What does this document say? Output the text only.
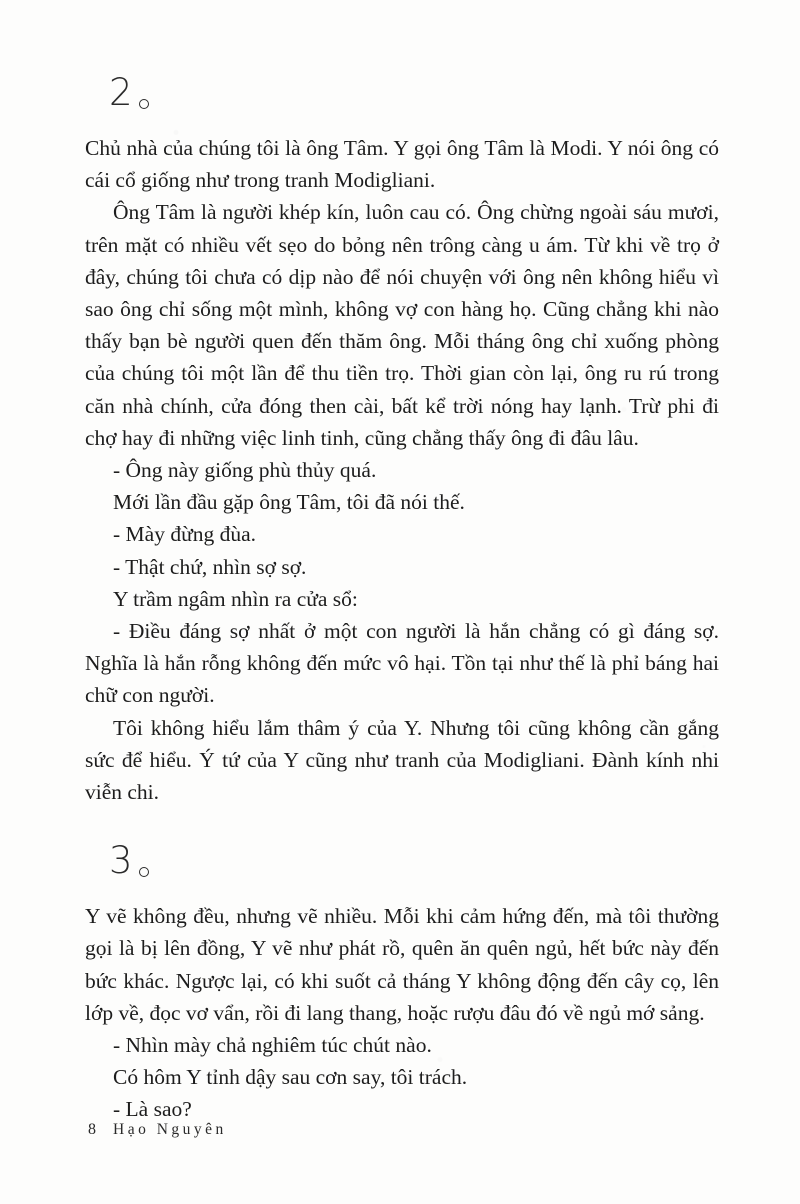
2

Chủ nhà của chúng tôi là ông Tâm. Y gọi ông Tâm là Modi. Y nói ông có cái cổ giống như trong tranh Modigliani.

Ông Tâm là người khép kín, luôn cau có. Ông chừng ngoài sáu mươi, trên mặt có nhiều vết sẹo do bỏng nên trông càng u ám. Từ khi về trọ ở đây, chúng tôi chưa có dịp nào để nói chuyện với ông nên không hiểu vì sao ông chỉ sống một mình, không vợ con hàng họ. Cũng chẳng khi nào thấy bạn bè người quen đến thăm ông. Mỗi tháng ông chỉ xuống phòng của chúng tôi một lần để thu tiền trọ. Thời gian còn lại, ông ru rú trong căn nhà chính, cửa đóng then cài, bất kể trời nóng hay lạnh. Trừ phi đi chợ hay đi những việc linh tinh, cũng chẳng thấy ông đi đâu lâu.

- Ông này giống phù thủy quá.

Mới lần đầu gặp ông Tâm, tôi đã nói thế.

- Mày đừng đùa.

- Thật chứ, nhìn sợ sợ.

Y trầm ngâm nhìn ra cửa sổ:

- Điều đáng sợ nhất ở một con người là hắn chẳng có gì đáng sợ. Nghĩa là hắn rỗng không đến mức vô hại. Tồn tại như thế là phỉ báng hai chữ con người.

Tôi không hiểu lắm thâm ý của Y. Nhưng tôi cũng không cần gắng sức để hiểu. Ý tứ của Y cũng như tranh của Modigliani. Đành kính nhi viễn chi.

3

Y vẽ không đều, nhưng vẽ nhiều. Mỗi khi cảm hứng đến, mà tôi thường gọi là bị lên đồng, Y vẽ như phát rồ, quên ăn quên ngủ, hết bức này đến bức khác. Ngược lại, có khi suốt cả tháng Y không động đến cây cọ, lên lớp về, đọc vơ vẩn, rồi đi lang thang, hoặc rượu đâu đó về ngủ mớ sảng.

- Nhìn mày chả nghiêm túc chút nào.

Có hôm Y tỉnh dậy sau cơn say, tôi trách.

- Là sao?

8 Hạo Nguyên
